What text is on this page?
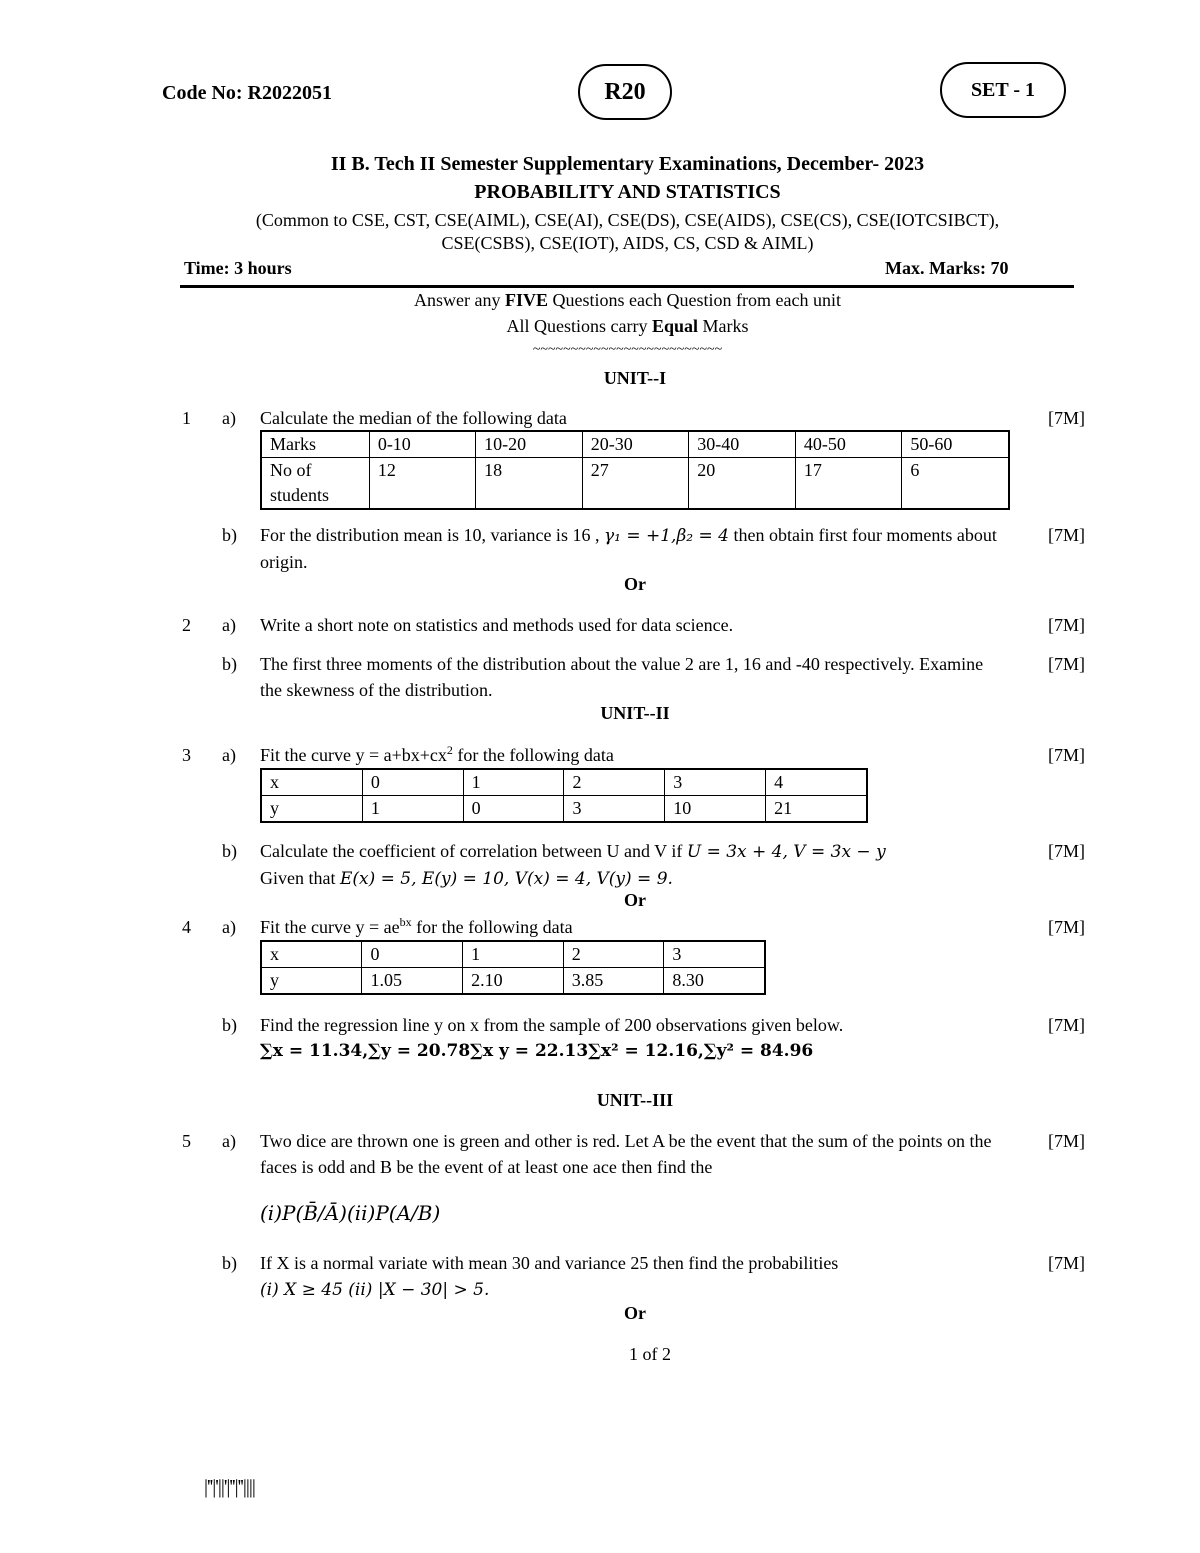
Code No: R2022051	R20	SET - 1
II B. Tech II Semester Supplementary Examinations, December- 2023
PROBABILITY AND STATISTICS
(Common to CSE, CST, CSE(AIML), CSE(AI), CSE(DS), CSE(AIDS), CSE(CS), CSE(IOTCSIBCT),
CSE(CSBS), CSE(IOT), AIDS, CS, CSD & AIML)
Time: 3 hours	Max. Marks: 70
Answer any FIVE Questions each Question from each unit
All Questions carry Equal Marks
~~~~~~~~~~~~~~~~~~~~~~~~~
UNIT--I
1 a) Calculate the median of the following data	[7M]
Marks	0-10	10-20	20-30	30-40	40-50	50-60
No of students	12	18	27	20	17	6
b) For the distribution mean is 10, variance is 16 , γ₁ = +1,β₂ = 4 then obtain first four moments about origin.
[7M]
Or
2 a) Write a short note on statistics and methods used for data science.	[7M]
b) The first three moments of the distribution about the value 2 are 1, 16 and -40 respectively. Examine the skewness of the distribution.
[7M]
UNIT--II
3 a) Fit the curve $y = a+bx+cx^2$ for the following data	[7M]
x	0	1	2	3	4
y	1	0	3	10	21
b) Calculate the coefficient of correlation between U and V if U = 3x + 4, V = 3x − y
Given that E(x) = 5, E(y) = 10, V(x) = 4, V(y) = 9.
[7M]
Or
4 a) Fit the curve $y = ae^{bx}$ for the following data	[7M]
x	0	1	2	3
y	1.05	2.10	3.85	8.30
b) Find the regression line y on x from the sample of 200 observations given below.
∑x = 11.34,∑y = 20.78∑x y = 22.13∑x² = 12.16,∑y² = 84.96
[7M]
UNIT--III
5 a) Two dice are thrown one is green and other is red. Let A be the event that the sum of the points on the faces is odd and B be the event of at least one ace then find the
(i)P(B̄/Ā)(ii)P(A/B)
[7M]
b) If X is a normal variate with mean 30 and variance 25 then find the probabilities
(i) X ≥ 45 (ii) |X − 30| > 5.
[7M]
Or
1 of 2
|''|'||'|''|''||||
